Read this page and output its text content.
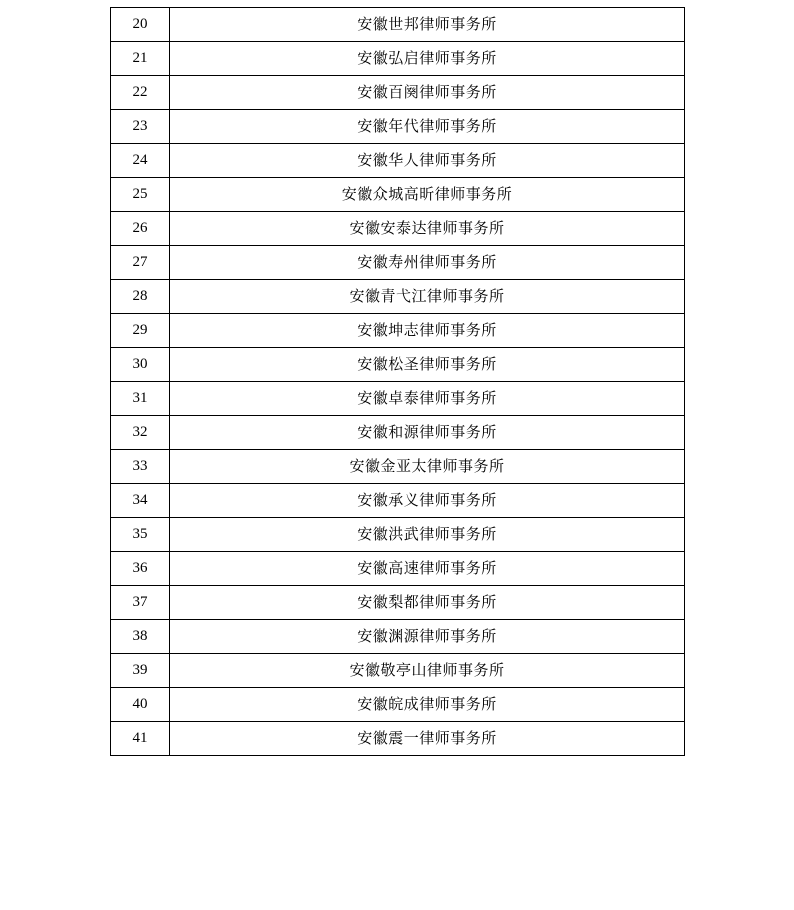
20	安徽世邦律师事务所
21	安徽弘启律师事务所
22	安徽百阕律师事务所
23	安徽年代律师事务所
24	安徽华人律师事务所
25	安徽众城高昕律师事务所
26	安徽安泰达律师事务所
27	安徽寿州律师事务所
28	安徽青弋江律师事务所
29	安徽坤志律师事务所
30	安徽松圣律师事务所
31	安徽卓泰律师事务所
32	安徽和源律师事务所
33	安徽金亚太律师事务所
34	安徽承义律师事务所
35	安徽洪武律师事务所
36	安徽高速律师事务所
37	安徽梨都律师事务所
38	安徽渊源律师事务所
39	安徽敬亭山律师事务所
40	安徽皖成律师事务所
41	安徽震一律师事务所
